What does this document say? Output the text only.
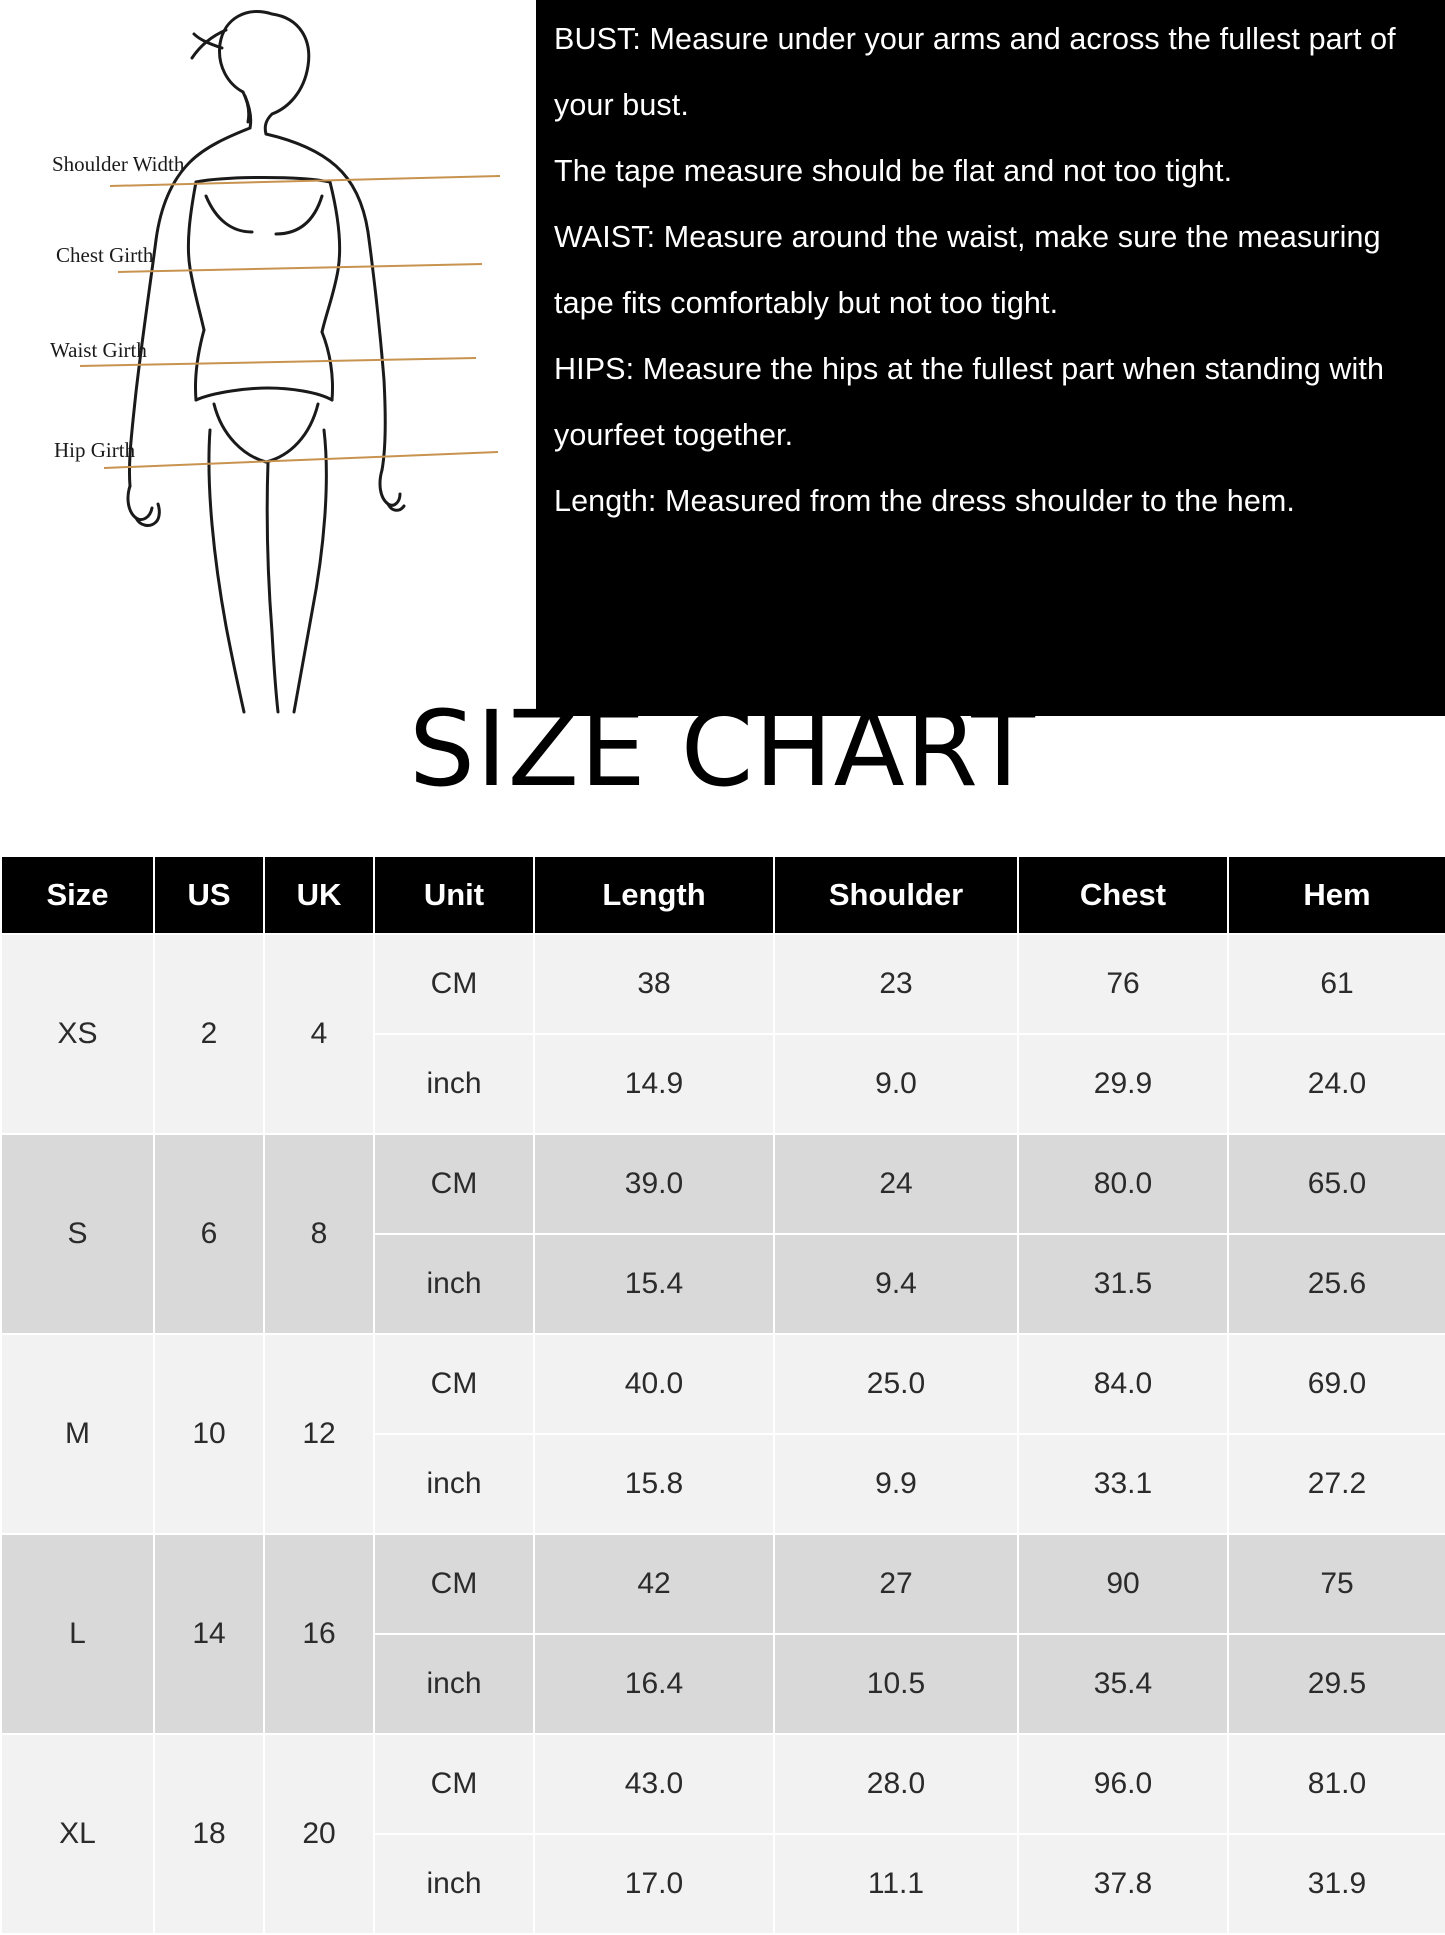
Shoulder Width
Chest Girth
Waist Girth
Hip Girth

BUST: Measure under your arms and across the fullest part of your bust.

The tape measure should be flat and not too tight.

WAIST: Measure around the waist, make sure the measuring tape fits comfortably but not too tight.

HIPS: Measure the hips at the fullest part when standing with yourfeet together.

Length: Measured from the dress shoulder to the hem.

SIZE CHART
Size	US	UK	Unit	Length	Shoulder	Chest	Hem
XS	2	4	CM	38	23	76	61
			inch	14.9	9.0	29.9	24.0
S	6	8	CM	39.0	24	80.0	65.0
			inch	15.4	9.4	31.5	25.6
M	10	12	CM	40.0	25.0	84.0	69.0
			inch	15.8	9.9	33.1	27.2
L	14	16	CM	42	27	90	75
			inch	16.4	10.5	35.4	29.5
XL	18	20	CM	43.0	28.0	96.0	81.0
			inch	17.0	11.1	37.8	31.9
